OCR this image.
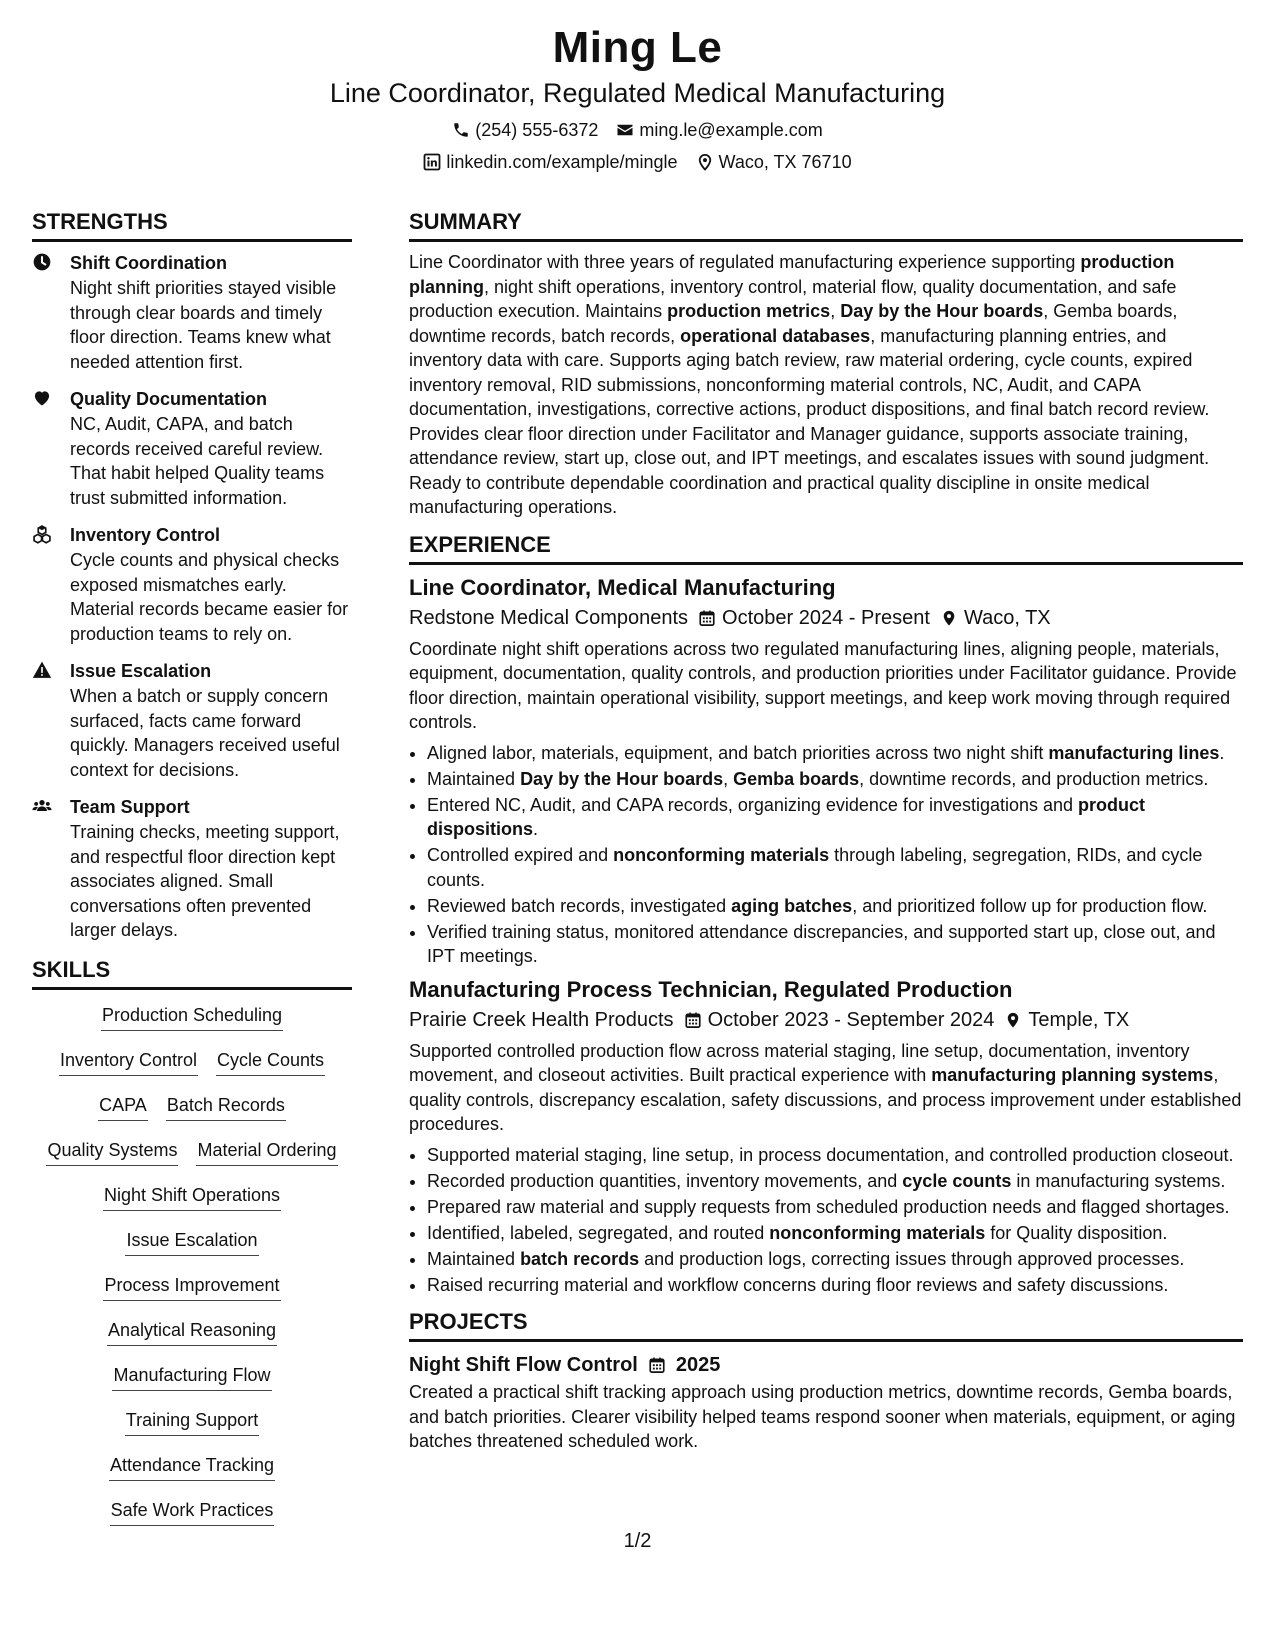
Ming Le
Line Coordinator, Regulated Medical Manufacturing
(254) 555-6372 ming.le@example.com
linkedin.com/example/mingle Waco, TX 76710
STRENGTHS
Shift Coordination
Night shift priorities stayed visible through clear boards and timely floor direction. Teams knew what needed attention first.
Quality Documentation
NC, Audit, CAPA, and batch records received careful review. That habit helped Quality teams trust submitted information.
Inventory Control
Cycle counts and physical checks exposed mismatches early. Material records became easier for production teams to rely on.
Issue Escalation
When a batch or supply concern surfaced, facts came forward quickly. Managers received useful context for decisions.
Team Support
Training checks, meeting support, and respectful floor direction kept associates aligned. Small conversations often prevented larger delays.
SKILLS
Production Scheduling
Inventory Control Cycle Counts
CAPA Batch Records
Quality Systems Material Ordering
Night Shift Operations
Issue Escalation
Process Improvement
Analytical Reasoning
Manufacturing Flow
Training Support
Attendance Tracking
Safe Work Practices
SUMMARY

Line Coordinator with three years of regulated manufacturing experience supporting production planning, night shift operations, inventory control, material flow, quality documentation, and safe production execution. Maintains production metrics, Day by the Hour boards, Gemba boards, downtime records, batch records, operational databases, manufacturing planning entries, and inventory data with care. Supports aging batch review, raw material ordering, cycle counts, expired inventory removal, RID submissions, nonconforming material controls, NC, Audit, and CAPA documentation, investigations, corrective actions, product dispositions, and final batch record review. Provides clear floor direction under Facilitator and Manager guidance, supports associate training, attendance review, start up, close out, and IPT meetings, and escalates issues with sound judgment. Ready to contribute dependable coordination and practical quality discipline in onsite medical manufacturing operations.

EXPERIENCE
Line Coordinator, Medical Manufacturing
Redstone Medical Components October 2024 - Present Waco, TX

Coordinate night shift operations across two regulated manufacturing lines, aligning people, materials, equipment, documentation, quality controls, and production priorities under Facilitator guidance. Provide floor direction, maintain operational visibility, support meetings, and keep work moving through required controls.

• Aligned labor, materials, equipment, and batch priorities across two night shift manufacturing lines.
• Maintained Day by the Hour boards, Gemba boards, downtime records, and production metrics.
• Entered NC, Audit, and CAPA records, organizing evidence for investigations and product dispositions.
• Controlled expired and nonconforming materials through labeling, segregation, RIDs, and cycle counts.
• Reviewed batch records, investigated aging batches, and prioritized follow up for production flow.
• Verified training status, monitored attendance discrepancies, and supported start up, close out, and IPT meetings.
Manufacturing Process Technician, Regulated Production
Prairie Creek Health Products October 2023 - September 2024 Temple, TX

Supported controlled production flow across material staging, line setup, documentation, inventory movement, and closeout activities. Built practical experience with manufacturing planning systems, quality controls, discrepancy escalation, safety discussions, and process improvement under established procedures.

• Supported material staging, line setup, in process documentation, and controlled production closeout.
• Recorded production quantities, inventory movements, and cycle counts in manufacturing systems.
• Prepared raw material and supply requests from scheduled production needs and flagged shortages.
• Identified, labeled, segregated, and routed nonconforming materials for Quality disposition.
• Maintained batch records and production logs, correcting issues through approved processes.
• Raised recurring material and workflow concerns during floor reviews and safety discussions.
PROJECTS
Night Shift Flow Control 2025

Created a practical shift tracking approach using production metrics, downtime records, Gemba boards, and batch priorities. Clearer visibility helped teams respond sooner when materials, equipment, or aging batches threatened scheduled work.

1/2
